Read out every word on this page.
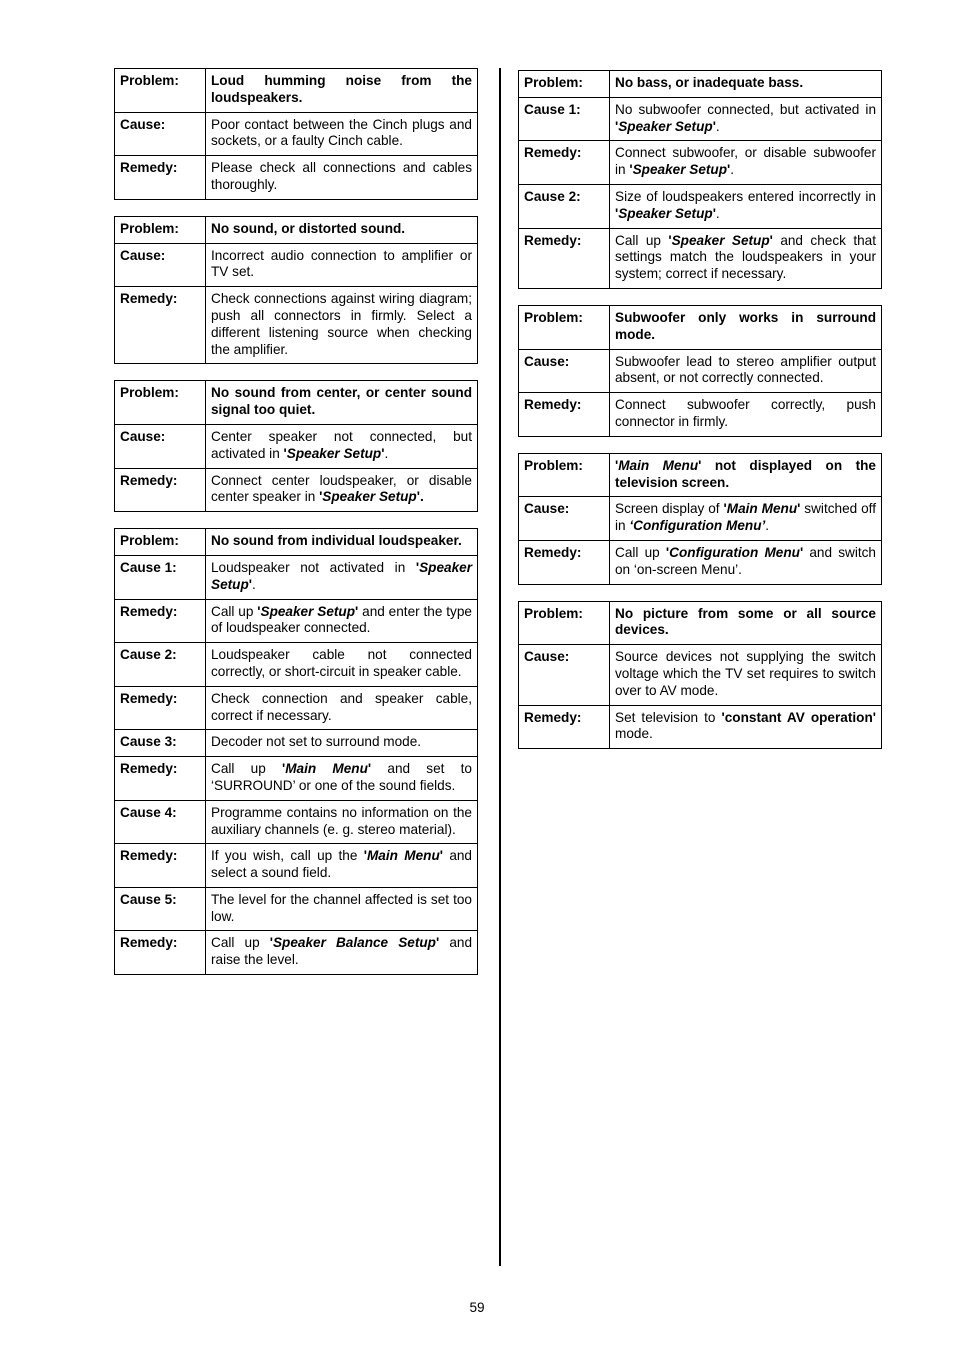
Problem:	Loud humming noise from the loudspeakers.
Cause:	Poor contact between the Cinch plugs and sockets, or a faulty Cinch cable.
Remedy:	Please check all connections and cables thoroughly.
Problem:	No sound, or distorted sound.
Cause:	Incorrect audio connection to amplifier or TV set.
Remedy:	Check connections against wiring diagram; push all connectors in firmly. Select a different listening source when checking the amplifier.
Problem:	No sound from center, or center sound signal too quiet.
Cause:	Center speaker not connected, but activated in 'Speaker Setup'.
Remedy:	Connect center loudspeaker, or disable center speaker in 'Speaker Setup'.
Problem:	No sound from individual loudspeaker.
Cause 1:	Loudspeaker not activated in 'Speaker Setup'.
Remedy:	Call up 'Speaker Setup' and enter the type of loudspeaker connected.
Cause 2:	Loudspeaker cable not connected correctly, or short-circuit in speaker cable.
Remedy:	Check connection and speaker cable, correct if necessary.
Cause 3:	Decoder not set to surround mode.
Remedy:	Call up 'Main Menu' and set to ‘SURROUND’ or one of the sound fields.
Cause 4:	Programme contains no information on the auxiliary channels (e. g. stereo material).
Remedy:	If you wish, call up the 'Main Menu' and select a sound field.
Cause 5:	The level for the channel affected is set too low.
Remedy:	Call up 'Speaker Balance Setup' and raise the level.
Problem:	No bass, or inadequate bass.
Cause 1:	No subwoofer connected, but activated in 'Speaker Setup'.
Remedy:	Connect subwoofer, or disable subwoofer in 'Speaker Setup'.
Cause 2:	Size of loudspeakers entered incorrectly in 'Speaker Setup'.
Remedy:	Call up 'Speaker Setup' and check that settings match the loudspeakers in your system; correct if necessary.
Problem:	Subwoofer only works in surround mode.
Cause:	Subwoofer lead to stereo amplifier output absent, or not correctly connected.
Remedy:	Connect subwoofer correctly, push connector in firmly.
Problem:	'Main Menu' not displayed on the television screen.
Cause:	Screen display of 'Main Menu' switched off in ‘Configuration Menu’.
Remedy:	Call up 'Configuration Menu' and switch on ‘on-screen Menu’.
Problem:	No picture from some or all source devices.
Cause:	Source devices not supplying the switch voltage which the TV set requires to switch over to AV mode.
Remedy:	Set television to 'constant AV operation' mode.
59
